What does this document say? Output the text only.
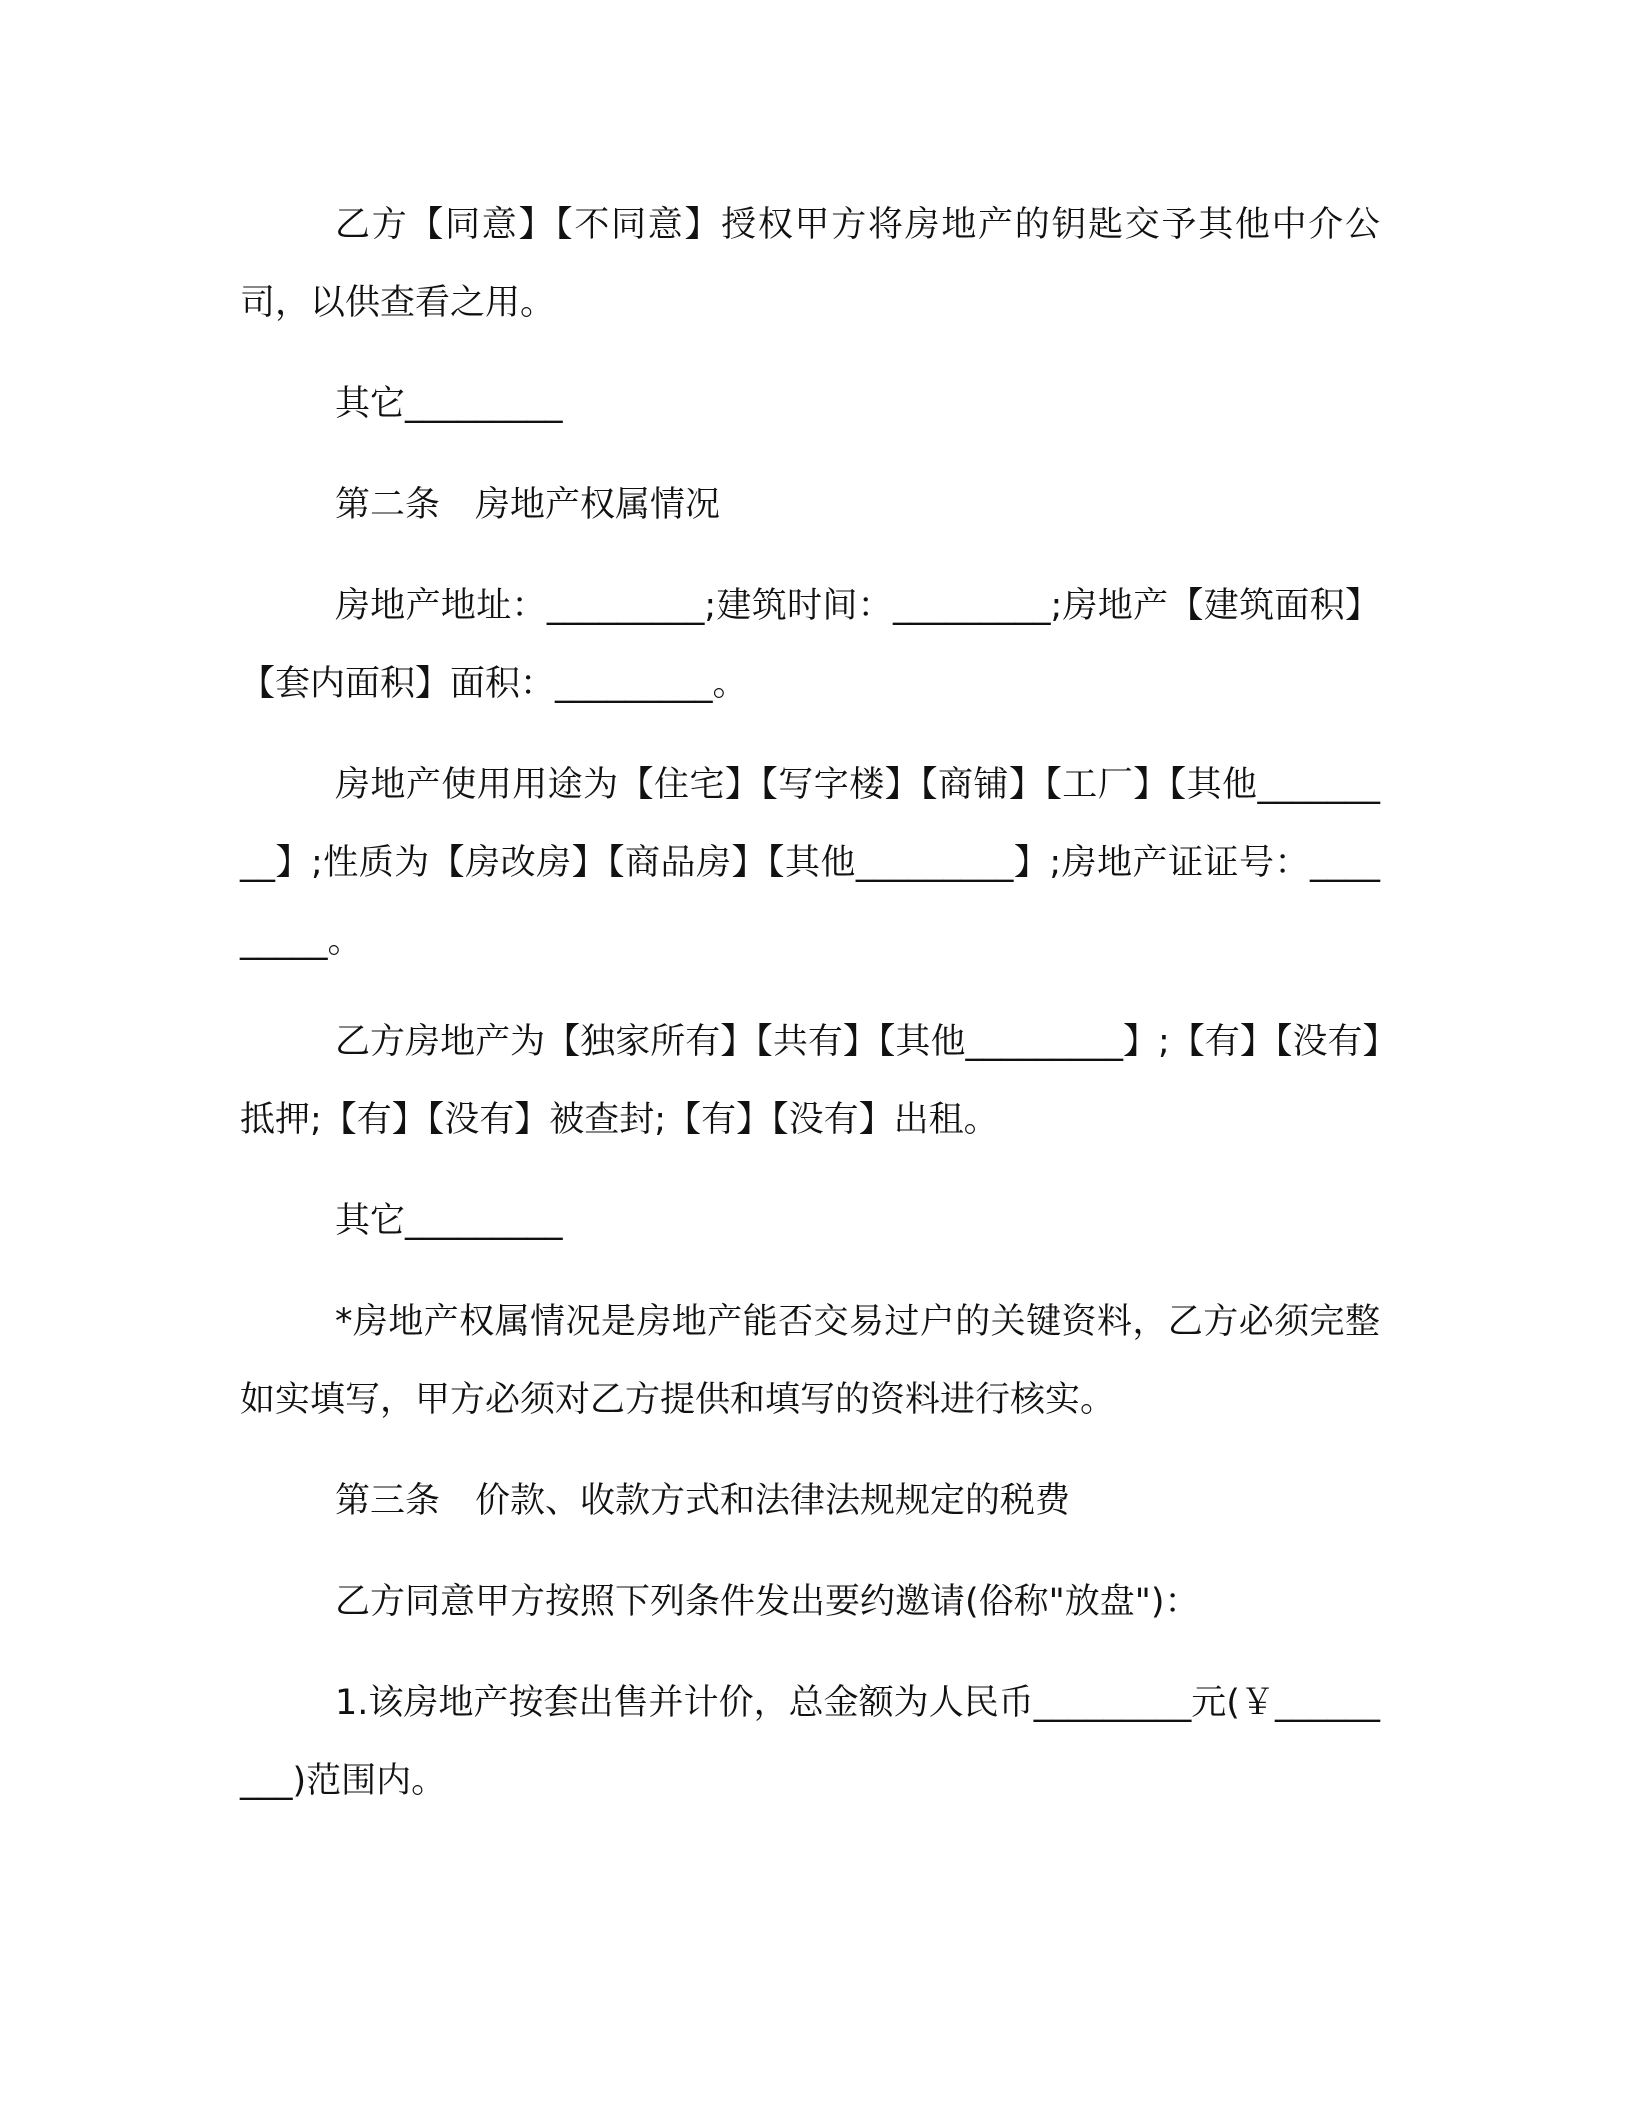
乙方【同意】【不同意】授权甲方将房地产的钥匙交予其他中介公司，以供查看之用。

其它_________

第二条　房地产权属情况

房地产地址：_________;建筑时间：_________;房地产【建筑面积】【套内面积】面积：_________。

房地产使用用途为【住宅】【写字楼】【商铺】【工厂】【其他_________】;性质为【房改房】【商品房】【其他_________】;房地产证证号：_________。

乙方房地产为【独家所有】【共有】【其他_________】;【有】【没有】抵押;【有】【没有】被查封;【有】【没有】出租。

其它_________

*房地产权属情况是房地产能否交易过户的关键资料，乙方必须完整如实填写，甲方必须对乙方提供和填写的资料进行核实。

第三条　价款、收款方式和法律法规规定的税费

乙方同意甲方按照下列条件发出要约邀请(俗称"放盘")：

1.该房地产按套出售并计价，总金额为人民币_________元(￥_________)范围内。
